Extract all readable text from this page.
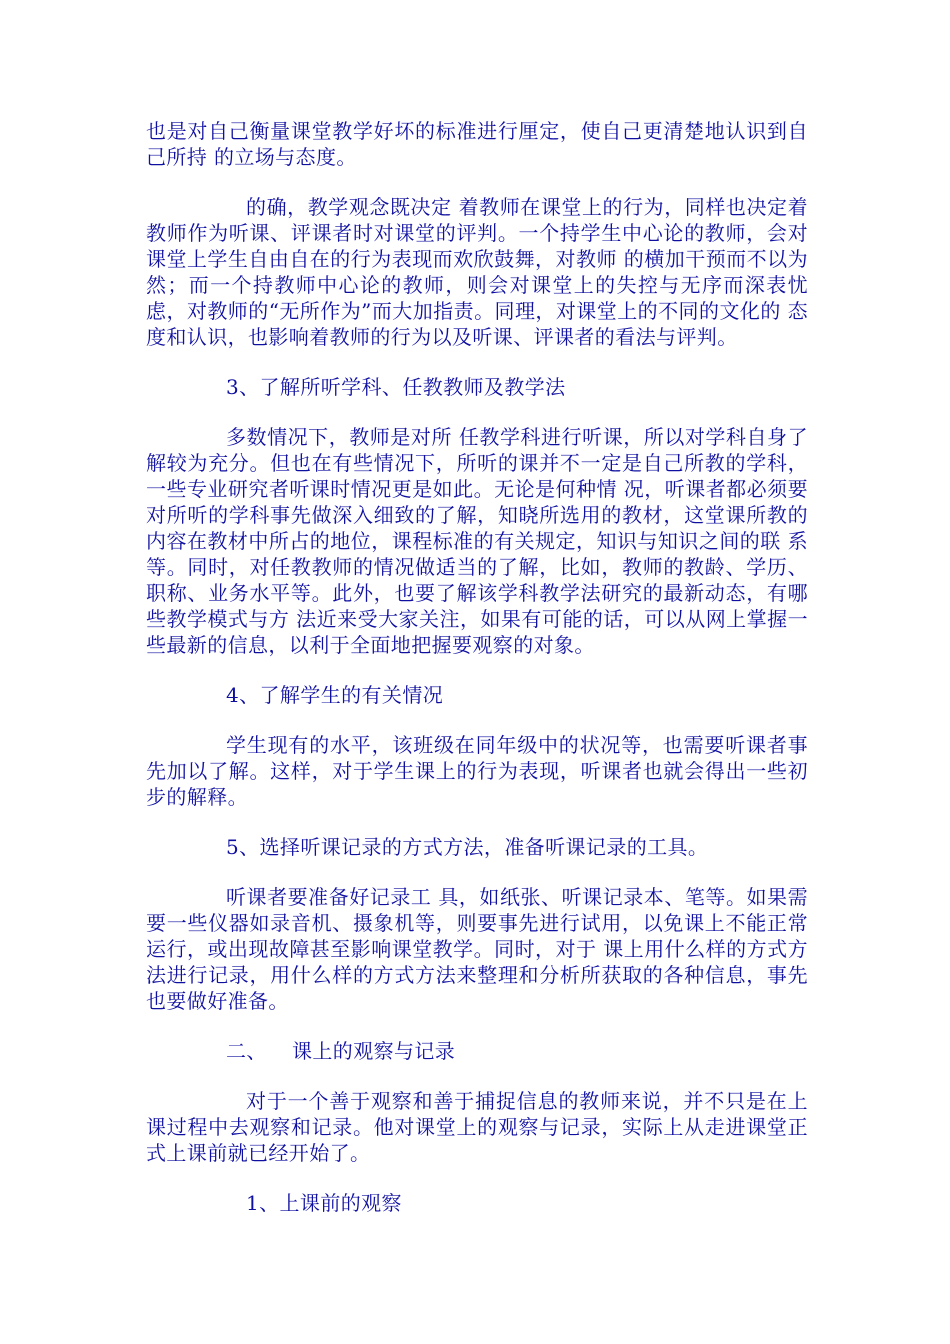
也是对自己衡量课堂教学好坏的标准进行厘定，使自己更清楚地认识到自己所持 的立场与态度。

的确，教学观念既决定 着教师在课堂上的行为，同样也决定着教师作为听课、评课者时对课堂的评判。一个持学生中心论的教师，会对课堂上学生自由自在的行为表现而欢欣鼓舞，对教师 的横加干预而不以为然；而一个持教师中心论的教师，则会对课堂上的失控与无序而深表忧虑，对教师的“无所作为”而大加指责。同理，对课堂上的不同的文化的 态度和认识，也影响着教师的行为以及听课、评课者的看法与评判。

3、了解所听学科、任教教师及教学法

多数情况下，教师是对所 任教学科进行听课，所以对学科自身了解较为充分。但也在有些情况下，所听的课并不一定是自己所教的学科，一些专业研究者听课时情况更是如此。无论是何种情 况，听课者都必须要对所听的学科事先做深入细致的了解，知晓所选用的教材，这堂课所教的内容在教材中所占的地位，课程标准的有关规定，知识与知识之间的联 系等。同时，对任教教师的情况做适当的了解，比如，教师的教龄、学历、职称、业务水平等。此外，也要了解该学科教学法研究的最新动态，有哪些教学模式与方 法近来受大家关注，如果有可能的话，可以从网上掌握一些最新的信息，以利于全面地把握要观察的对象。

4、了解学生的有关情况

学生现有的水平，该班级在同年级中的状况等，也需要听课者事先加以了解。这样，对于学生课上的行为表现，听课者也就会得出一些初步的解释。

5、选择听课记录的方式方法，准备听课记录的工具。

听课者要准备好记录工 具，如纸张、听课记录本、笔等。如果需要一些仪器如录音机、摄象机等，则要事先进行试用，以免课上不能正常运行，或出现故障甚至影响课堂教学。同时，对于 课上用什么样的方式方法进行记录，用什么样的方式方法来整理和分析所获取的各种信息，事先也要做好准备。

二、 课上的观察与记录

对于一个善于观察和善于捕捉信息的教师来说，并不只是在上课过程中去观察和记录。他对课堂上的观察与记录，实际上从走进课堂正式上课前就已经开始了。

1、上课前的观察
